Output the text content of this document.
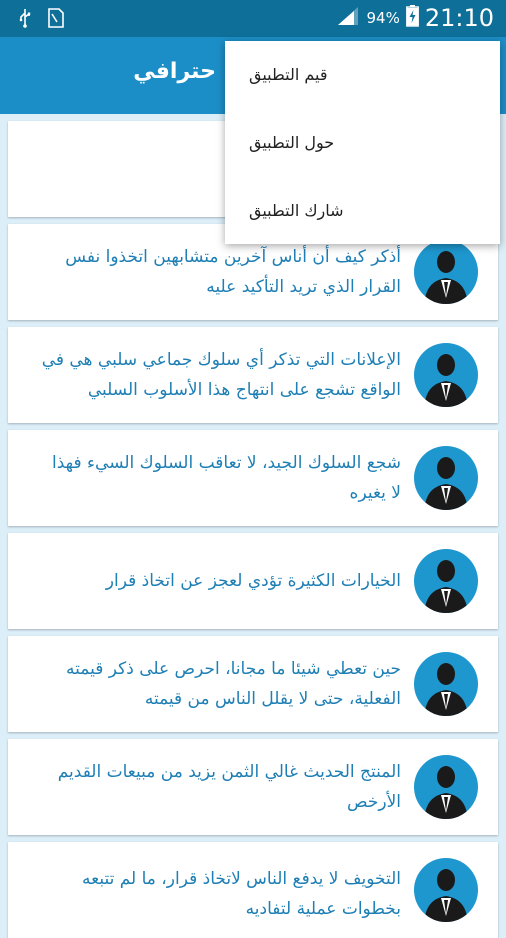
94% 21:10
حترافي
أذكر كيف أن أناس آخرين متشابهين اتخذوا نفس القرار الذي تريد التأكيد عليه
الإعلانات التي تذكر أي سلوك جماعي سلبي هي في الواقع تشجع على انتهاج هذا الأسلوب السلبي
شجع السلوك الجيد، لا تعاقب السلوك السيء فهذا لا يغيره
الخيارات الكثيرة تؤدي لعجز عن اتخاذ قرار
حين تعطي شيئا ما مجانا، احرص على ذكر قيمته الفعلية، حتى لا يقلل الناس من قيمته
المنتج الحديث غالي الثمن يزيد من مبيعات القديم الأرخص
التخويف لا يدفع الناس لاتخاذ قرار، ما لم تتبعه بخطوات عملية لتفاديه
قيم التطبيق
حول التطبيق
شارك التطبيق
